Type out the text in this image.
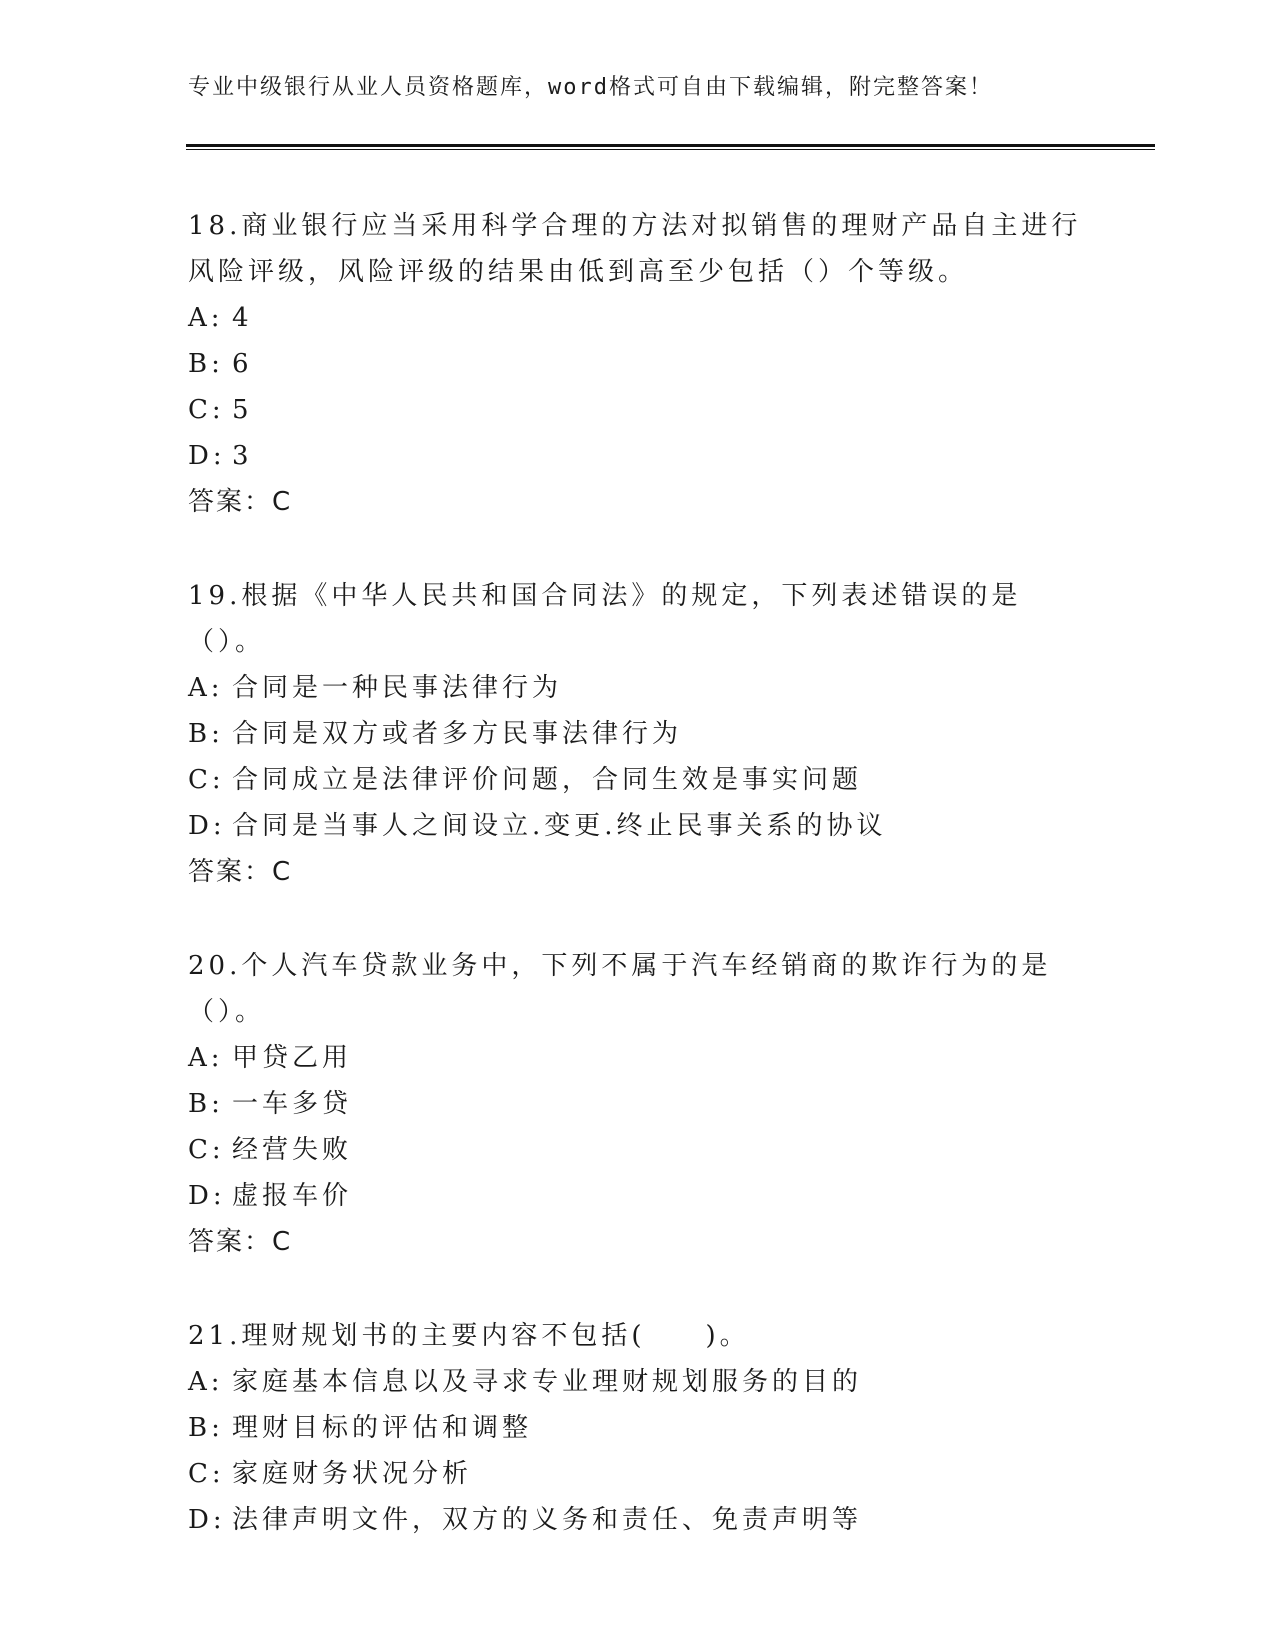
专业中级银行从业人员资格题库，word格式可自由下载编辑，附完整答案！

18.商业银行应当采用科学合理的方法对拟销售的理财产品自主进行风险评级，风险评级的结果由低到高至少包括（）个等级。

A: 4
B: 6
C: 5
D: 3
答案：C

19.根据《中华人民共和国合同法》的规定，下列表述错误的是（）。

A: 合同是一种民事法律行为
B: 合同是双方或者多方民事法律行为
C: 合同成立是法律评价问题，合同生效是事实问题
D: 合同是当事人之间设立.变更.终止民事关系的协议
答案：C

20.个人汽车贷款业务中，下列不属于汽车经销商的欺诈行为的是（）。

A: 甲贷乙用
B: 一车多贷
C: 经营失败
D: 虚报车价
答案：C

21.理财规划书的主要内容不包括(　　)。

A: 家庭基本信息以及寻求专业理财规划服务的目的
B: 理财目标的评估和调整
C: 家庭财务状况分析
D: 法律声明文件，双方的义务和责任、免责声明等
